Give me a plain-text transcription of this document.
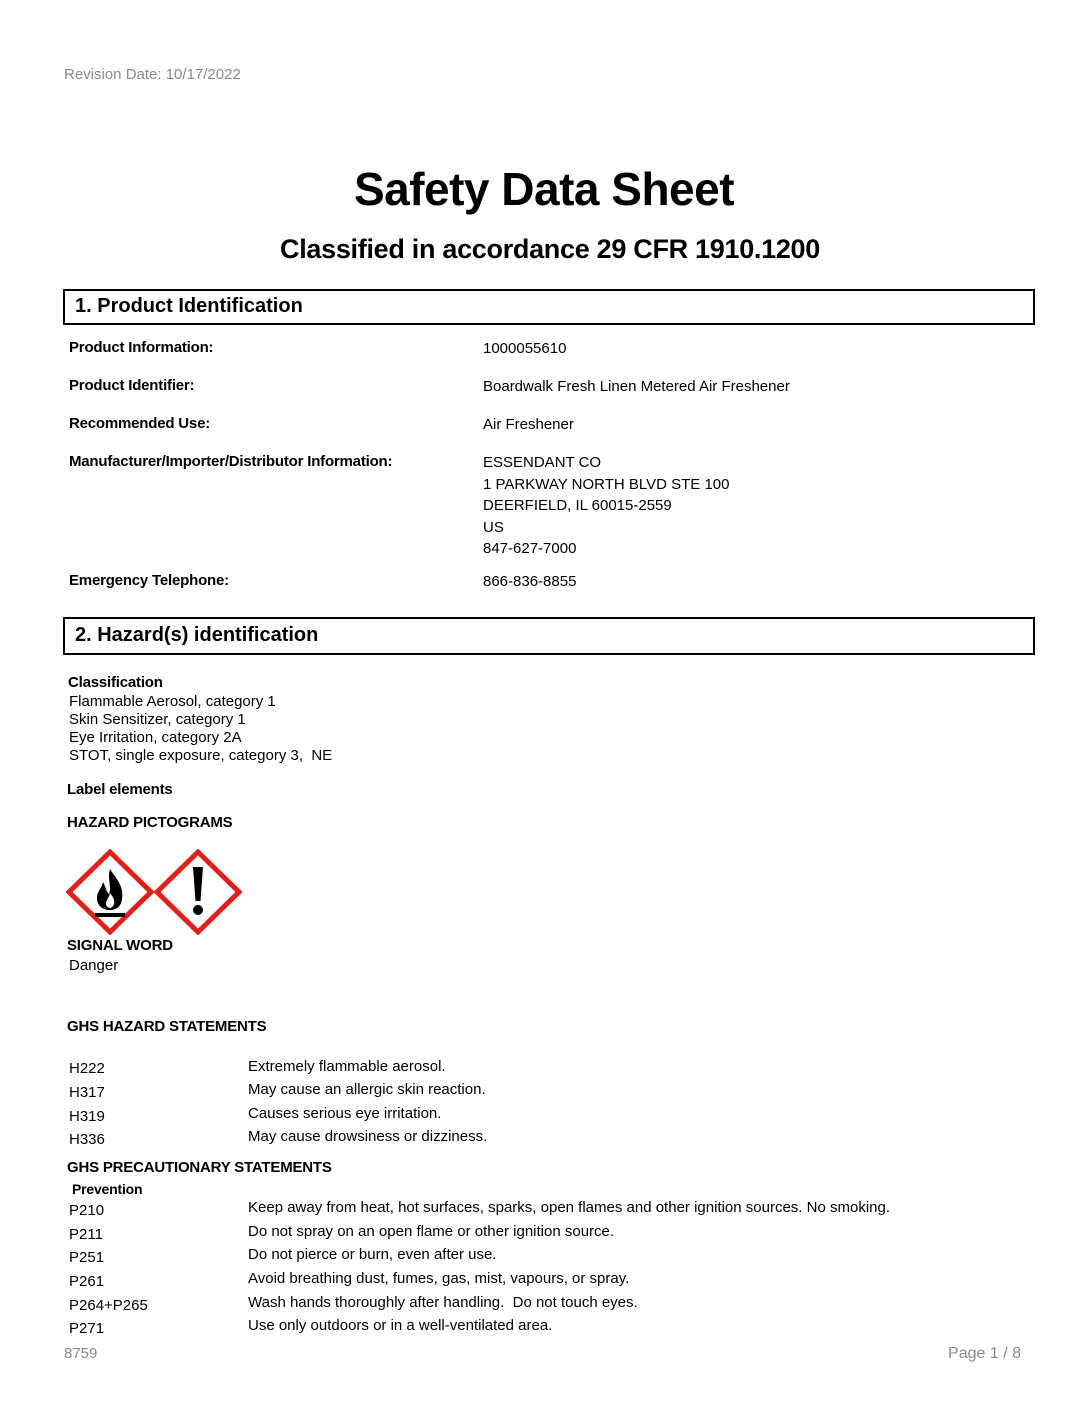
Revision Date: 10/17/2022
Safety Data Sheet
Classified in accordance 29 CFR 1910.1200
1. Product Identification
Product Information:	1000055610
Product Identifier:	Boardwalk Fresh Linen Metered Air Freshener
Recommended Use:	Air Freshener
Manufacturer/Importer/Distributor Information:	ESSENDANT CO
1 PARKWAY NORTH BLVD STE 100
DEERFIELD, IL 60015-2559
US
847-627-7000
Emergency Telephone:	866-836-8855
2. Hazard(s) identification
Classification
Flammable Aerosol, category 1
Skin Sensitizer, category 1
Eye Irritation, category 2A
STOT, single exposure, category 3,  NE
Label elements
HAZARD PICTOGRAMS
SIGNAL WORD
Danger
GHS HAZARD STATEMENTS
H222	Extremely flammable aerosol.
H317	May cause an allergic skin reaction.
H319	Causes serious eye irritation.
H336	May cause drowsiness or dizziness.
GHS PRECAUTIONARY STATEMENTS
Prevention
P210	Keep away from heat, hot surfaces, sparks, open flames and other ignition sources. No smoking.
P211	Do not spray on an open flame or other ignition source.
P251	Do not pierce or burn, even after use.
P261	Avoid breathing dust, fumes, gas, mist, vapours, or spray.
P264+P265	Wash hands thoroughly after handling.  Do not touch eyes.
P271	Use only outdoors or in a well-ventilated area.
8759	Page 1 / 8
